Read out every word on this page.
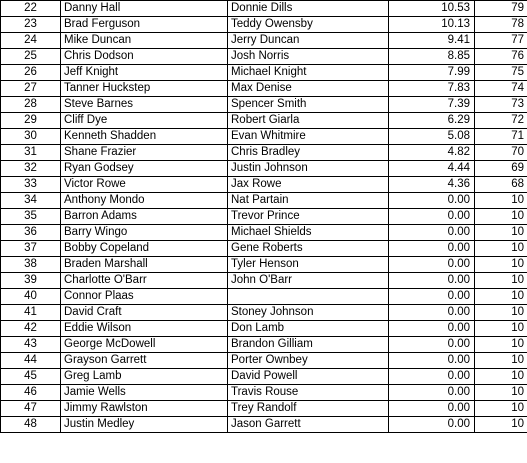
22	Danny Hall	Donnie Dills	10.53	79
23	Brad Ferguson	Teddy Owensby	10.13	78
24	Mike Duncan	Jerry Duncan	9.41	77
25	Chris Dodson	Josh Norris	8.85	76
26	Jeff Knight	Michael Knight	7.99	75
27	Tanner Huckstep	Max Denise	7.83	74
28	Steve Barnes	Spencer Smith	7.39	73
29	Cliff Dye	Robert Giarla	6.29	72
30	Kenneth Shadden	Evan Whitmire	5.08	71
31	Shane Frazier	Chris Bradley	4.82	70
32	Ryan Godsey	Justin Johnson	4.44	69
33	Victor Rowe	Jax Rowe	4.36	68
34	Anthony Mondo	Nat Partain	0.00	10
35	Barron Adams	Trevor Prince	0.00	10
36	Barry Wingo	Michael Shields	0.00	10
37	Bobby Copeland	Gene Roberts	0.00	10
38	Braden Marshall	Tyler Henson	0.00	10
39	Charlotte O'Barr	John O'Barr	0.00	10
40	Connor Plaas		0.00	10
41	David Craft	Stoney Johnson	0.00	10
42	Eddie Wilson	Don Lamb	0.00	10
43	George McDowell	Brandon Gilliam	0.00	10
44	Grayson Garrett	Porter Ownbey	0.00	10
45	Greg Lamb	David Powell	0.00	10
46	Jamie Wells	Travis Rouse	0.00	10
47	Jimmy Rawlston	Trey Randolf	0.00	10
48	Justin Medley	Jason Garrett	0.00	10
